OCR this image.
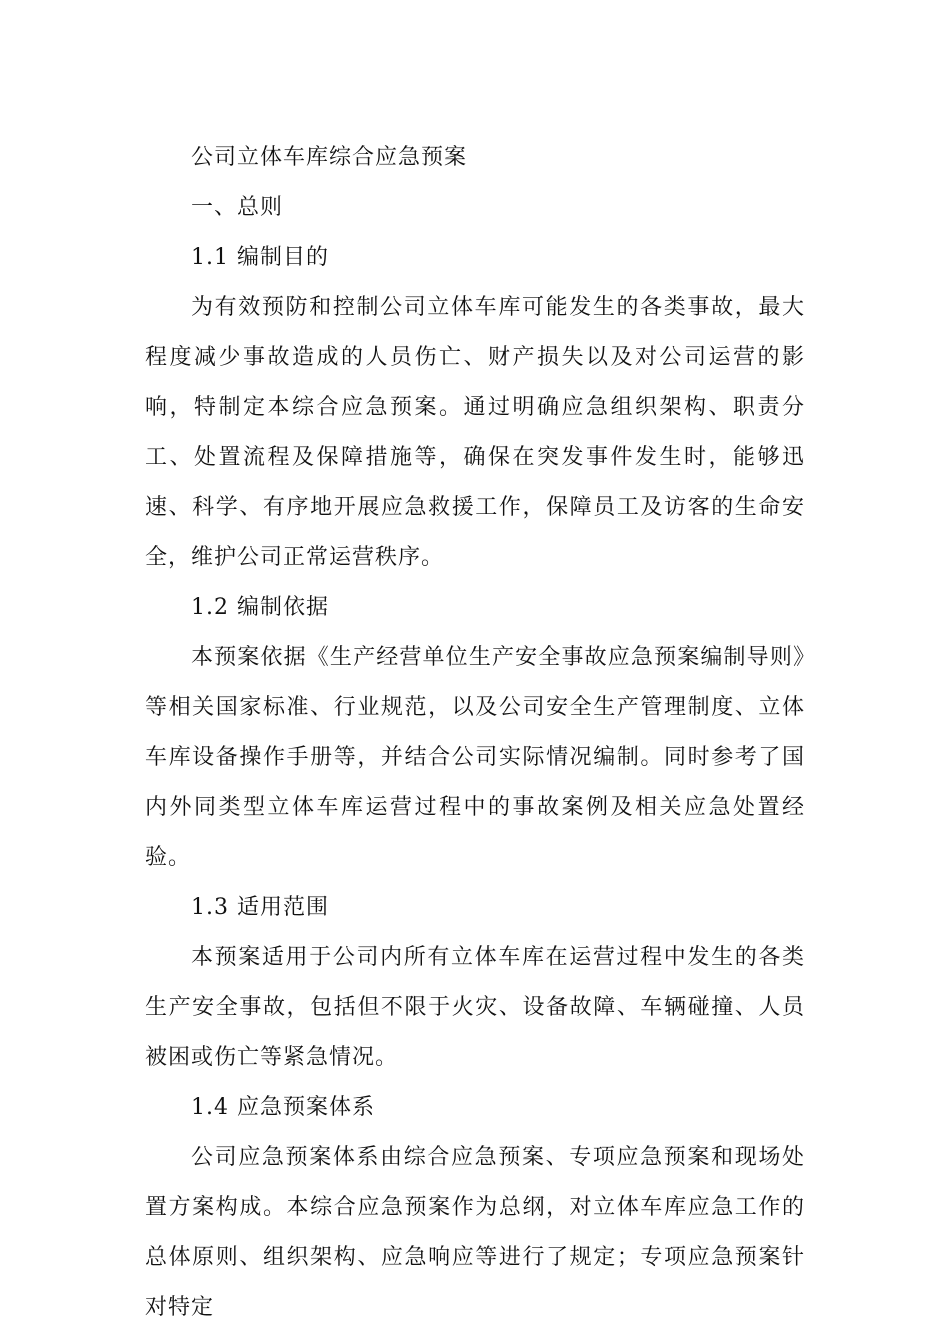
公司立体车库综合应急预案

一、总则

1.1 编制目的

为有效预防和控制公司立体车库可能发生的各类事故，最大程度减少事故造成的人员伤亡、财产损失以及对公司运营的影响，特制定本综合应急预案。通过明确应急组织架构、职责分工、处置流程及保障措施等，确保在突发事件发生时，能够迅速、科学、有序地开展应急救援工作，保障员工及访客的生命安全，维护公司正常运营秩序。

1.2 编制依据

本预案依据《生产经营单位生产安全事故应急预案编制导则》等相关国家标准、行业规范，以及公司安全生产管理制度、立体车库设备操作手册等，并结合公司实际情况编制。同时参考了国内外同类型立体车库运营过程中的事故案例及相关应急处置经验。

1.3 适用范围

本预案适用于公司内所有立体车库在运营过程中发生的各类生产安全事故，包括但不限于火灾、设备故障、车辆碰撞、人员被困或伤亡等紧急情况。

1.4 应急预案体系

公司应急预案体系由综合应急预案、专项应急预案和现场处置方案构成。本综合应急预案作为总纲，对立体车库应急工作的总体原则、组织架构、应急响应等进行了规定；专项应急预案针对特定
